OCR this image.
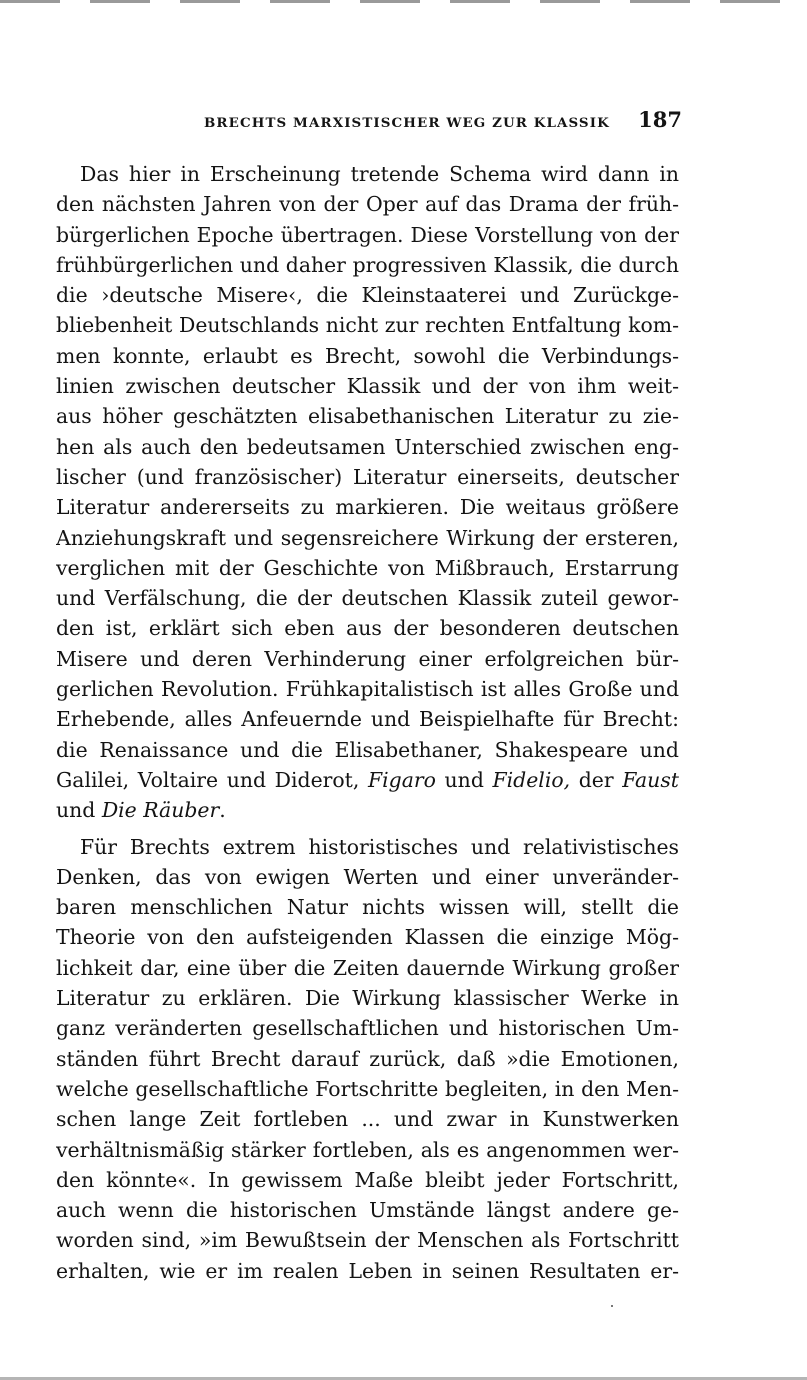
BRECHTS MARXISTISCHER WEG ZUR KLASSIK 187
Das hier in Erscheinung tretende Schema wird dann in
den nächsten Jahren von der Oper auf das Drama der früh-
bürgerlichen Epoche übertragen. Diese Vorstellung von der
frühbürgerlichen und daher progressiven Klassik, die durch
die ›deutsche Misere‹, die Kleinstaaterei und Zurückge-
bliebenheit Deutschlands nicht zur rechten Entfaltung kom-
men konnte, erlaubt es Brecht, sowohl die Verbindungs-
linien zwischen deutscher Klassik und der von ihm weit-
aus höher geschätzten elisabethanischen Literatur zu zie-
hen als auch den bedeutsamen Unterschied zwischen eng-
lischer (und französischer) Literatur einerseits, deutscher
Literatur andererseits zu markieren. Die weitaus größere
Anziehungskraft und segensreichere Wirkung der ersteren,
verglichen mit der Geschichte von Mißbrauch, Erstarrung
und Verfälschung, die der deutschen Klassik zuteil gewor-
den ist, erklärt sich eben aus der besonderen deutschen
Misere und deren Verhinderung einer erfolgreichen bür-
gerlichen Revolution. Frühkapitalistisch ist alles Große und
Erhebende, alles Anfeuernde und Beispielhafte für Brecht:
die Renaissance und die Elisabethaner, Shakespeare und
Galilei, Voltaire und Diderot, Figaro und Fidelio, der Faust
und Die Räuber.
Für Brechts extrem historistisches und relativistisches
Denken, das von ewigen Werten und einer unveränder-
baren menschlichen Natur nichts wissen will, stellt die
Theorie von den aufsteigenden Klassen die einzige Mög-
lichkeit dar, eine über die Zeiten dauernde Wirkung großer
Literatur zu erklären. Die Wirkung klassischer Werke in
ganz veränderten gesellschaftlichen und historischen Um-
ständen führt Brecht darauf zurück, daß »die Emotionen,
welche gesellschaftliche Fortschritte begleiten, in den Men-
schen lange Zeit fortleben ... und zwar in Kunstwerken
verhältnismäßig stärker fortleben, als es angenommen wer-
den könnte«. In gewissem Maße bleibt jeder Fortschritt,
auch wenn die historischen Umstände längst andere ge-
worden sind, »im Bewußtsein der Menschen als Fortschritt
erhalten, wie er im realen Leben in seinen Resultaten er-
